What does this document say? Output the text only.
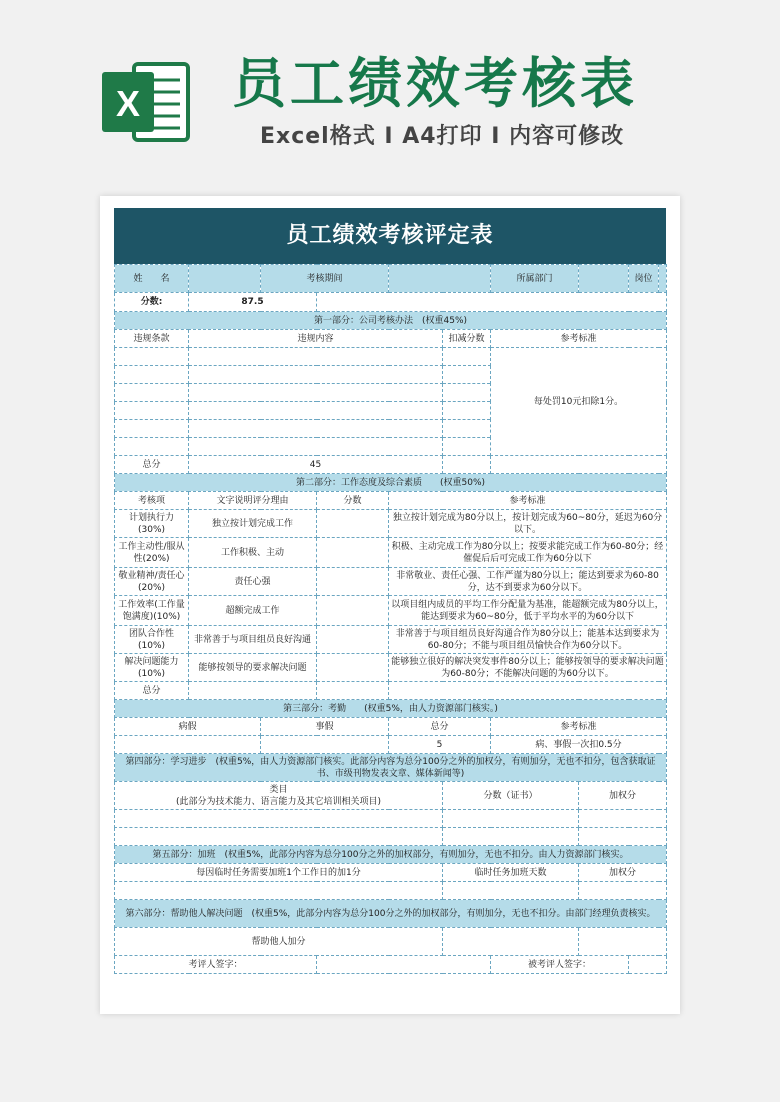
X 员工绩效考核表
Excel格式 I A4打印 I 内容可修改
员工绩效考核评定表
姓　　名		考核期间				所属部门		岗位	
分数:	87.5								
第一部分：公司考核办法　(权重45%)									
违规条款	违规内容				扣减分数	参考标准			
						每处罚10元扣除1分。			

总分	45								
第二部分：工作态度及综合素质　　(权重50%)									
考核项	文字说明评分理由		分数	参考标准					
计划执行力 (30%)	独立按计划完成工作			独立按计划完成为80分以上，按计划完成为60~80分，延迟为60分以下。					
工作主动性/服从性(20%)	工作积极、主动			积极、主动完成工作为80分以上；按要求能完成工作为60-80分；经催促后后可完成工作为60分以下					
敬业精神/责任心 (20%)	责任心强			非常敬业、责任心强、工作严谨为80分以上；能达到要求为60-80分，达不到要求为60分以下。					
工作效率(工作量饱满度)(10%)	超额完成工作			以项目组内成员的平均工作分配量为基准，能超额完成为80分以上，能达到要求为60~80分，低于平均水平的为60分以下					
团队合作性(10%)	非常善于与项目组员良好沟通			非常善于与项目组员良好沟通合作为80分以上；能基本达到要求为60-80分；不能与项目组员愉快合作为60分以下。					
解决问题能力 (10%)	能够按领导的要求解决问题			能够独立很好的解决突发事件80分以上；能够按领导的要求解决问题为60-80分；不能解决问题的为60分以下。					
总分									
第三部分：考勤　　(权重5%，由人力资源部门核实。)									
病假		事假		总分		参考标准			
				5		病、事假一次扣0.5分			
第四部分：学习进步　(权重5%，由人力资源部门核实。此部分内容为总分100分之外的加权分，有则加分，无也不扣分，包含获取证书、市级刊物发表文章、媒体新闻等)									

类目
(此部分为技术能力、语言能力及其它培训相关项目)					分数（证书）		加权分		

第五部分：加班　(权重5%，此部分内容为总分100分之外的加权部分，有则加分，无也不扣分。由人力资源部门核实。									
每因临时任务需要加班1个工作日的加1分					临时任务加班天数		加权分		

第六部分：帮助他人解决问题　(权重5%，此部分内容为总分100分之外的加权部分，有则加分，无也不扣分。由部门经理负责核实。									
帮助他人加分									
考评人签字：						被考评人签字：			
